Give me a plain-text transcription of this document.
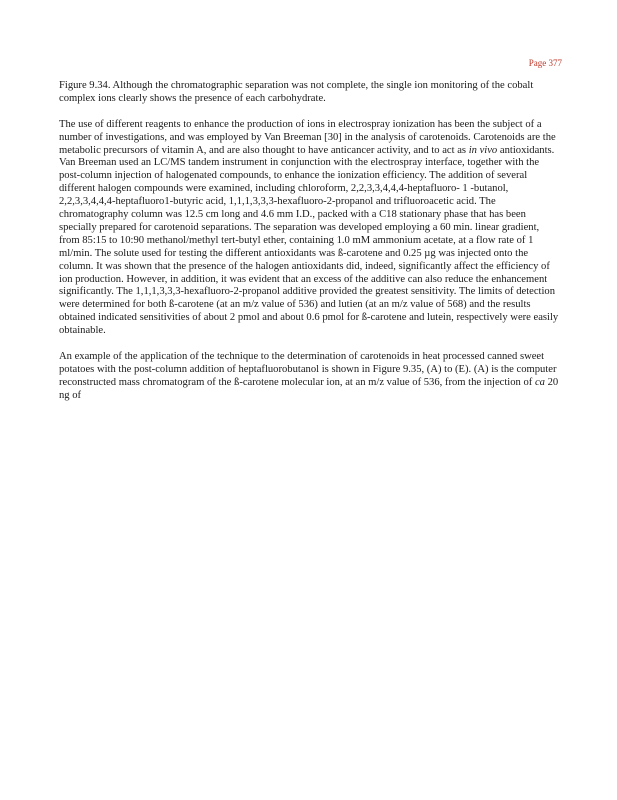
Page 377

Figure 9.34. Although the chromatographic separation was not complete, the single ion monitoring of the cobalt complex ions clearly shows the presence of each carbohydrate.

The use of different reagents to enhance the production of ions in electrospray ionization has been the subject of a number of investigations, and was employed by Van Breeman [30] in the analysis of carotenoids. Carotenoids are the metabolic precursors of vitamin A, and are also thought to have anticancer activity, and to act as in vivo antioxidants. Van Breeman used an LC/MS tandem instrument in conjunction with the electrospray interface, together with the post-column injection of halogenated compounds, to enhance the ionization efficiency. The addition of several different halogen compounds were examined, including chloroform, 2,2,3,3,4,4,4-heptafluoro- 1 -butanol, 2,2,3,3,4,4,4-heptafluoro1-butyric acid, 1,1,1,3,3,3-hexafluoro-2-propanol and trifluoroacetic acid. The chromatography column was 12.5 cm long and 4.6 mm I.D., packed with a C18 stationary phase that has been specially prepared for carotenoid separations. The separation was developed employing a 60 min. linear gradient, from 85:15 to 10:90 methanol/methyl tert-butyl ether, containing 1.0 mM ammonium acetate, at a flow rate of 1 ml/min. The solute used for testing the different antioxidants was ß-carotene and 0.25 µg was injected onto the column. It was shown that the presence of the halogen antioxidants did, indeed, significantly affect the efficiency of ion production. However, in addition, it was evident that an excess of the additive can also reduce the enhancement significantly. The 1,1,1,3,3,3-hexafluoro-2-propanol additive provided the greatest sensitivity. The limits of detection were determined for both ß-carotene (at an m/z value of 536) and lutien (at an m/z value of 568) and the results obtained indicated sensitivities of about 2 pmol and about 0.6 pmol for ß-carotene and lutein, respectively were easily obtainable.

An example of the application of the technique to the determination of carotenoids in heat processed canned sweet potatoes with the post-column addition of heptafluorobutanol is shown in Figure 9.35, (A) to (E). (A) is the computer reconstructed mass chromatogram of the ß-carotene molecular ion, at an m/z value of 536, from the injection of ca 20 ng of
